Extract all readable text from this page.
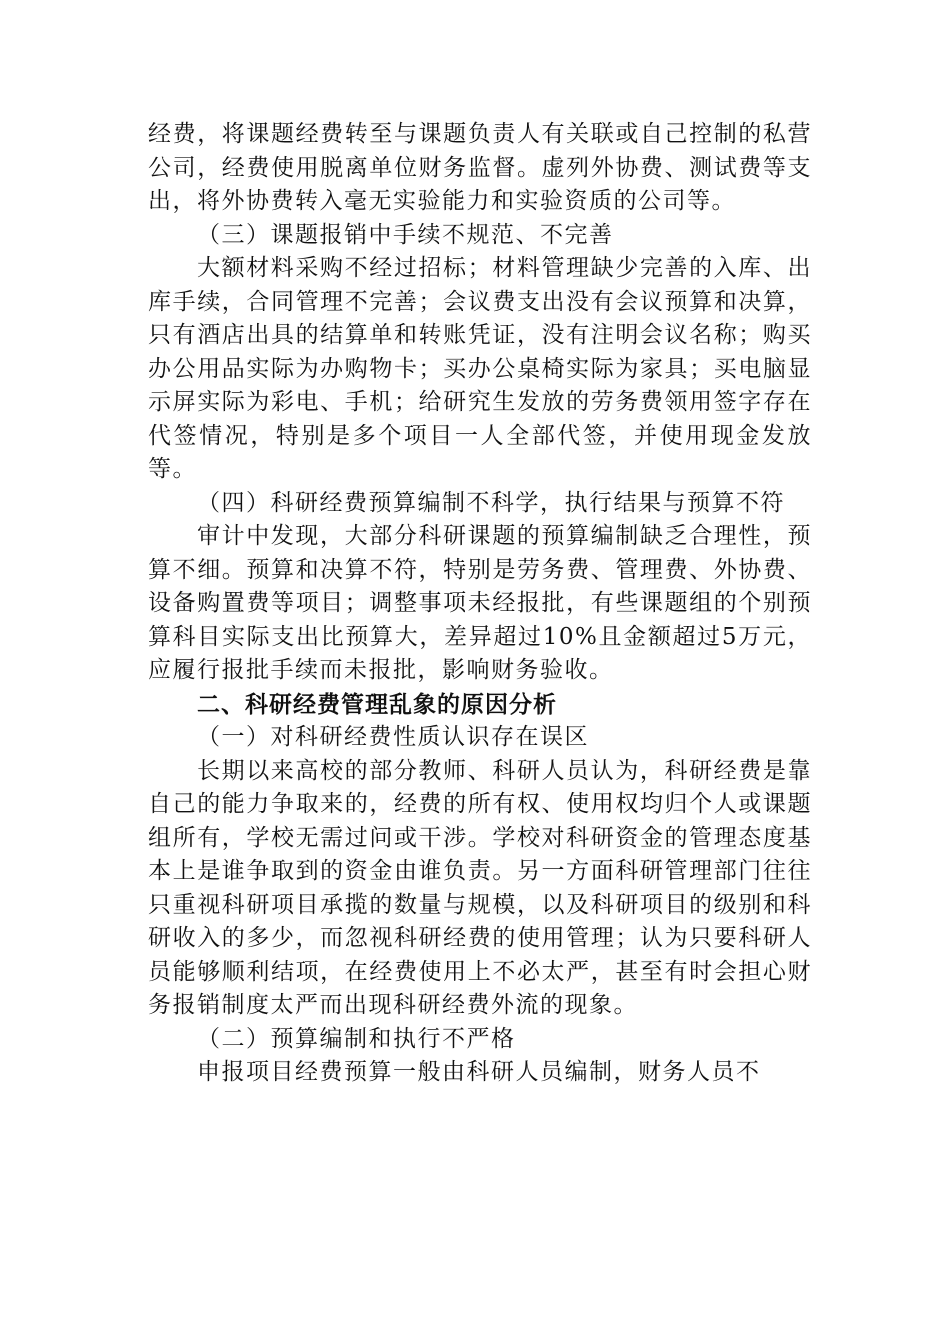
经费，将课题经费转至与课题负责人有关联或自己控制的私营公司，经费使用脱离单位财务监督。虚列外协费、测试费等支出，将外协费转入毫无实验能力和实验资质的公司等。

（三）课题报销中手续不规范、不完善

大额材料采购不经过招标；材料管理缺少完善的入库、出库手续，合同管理不完善；会议费支出没有会议预算和决算，只有酒店出具的结算单和转账凭证，没有注明会议名称；购买办公用品实际为办购物卡；买办公桌椅实际为家具；买电脑显示屏实际为彩电、手机；给研究生发放的劳务费领用签字存在代签情况，特别是多个项目一人全部代签，并使用现金发放等。

（四）科研经费预算编制不科学，执行结果与预算不符

审计中发现，大部分科研课题的预算编制缺乏合理性，预算不细。预算和决算不符，特别是劳务费、管理费、外协费、设备购置费等项目；调整事项未经报批，有些课题组的个别预算科目实际支出比预算大，差异超过10%且金额超过5万元，应履行报批手续而未报批，影响财务验收。

二、科研经费管理乱象的原因分析

（一）对科研经费性质认识存在误区

长期以来高校的部分教师、科研人员认为，科研经费是靠自己的能力争取来的，经费的所有权、使用权均归个人或课题组所有，学校无需过问或干涉。学校对科研资金的管理态度基本上是谁争取到的资金由谁负责。另一方面科研管理部门往往只重视科研项目承揽的数量与规模，以及科研项目的级别和科研收入的多少，而忽视科研经费的使用管理；认为只要科研人员能够顺利结项，在经费使用上不必太严，甚至有时会担心财务报销制度太严而出现科研经费外流的现象。

（二）预算编制和执行不严格

申报项目经费预算一般由科研人员编制，财务人员不
